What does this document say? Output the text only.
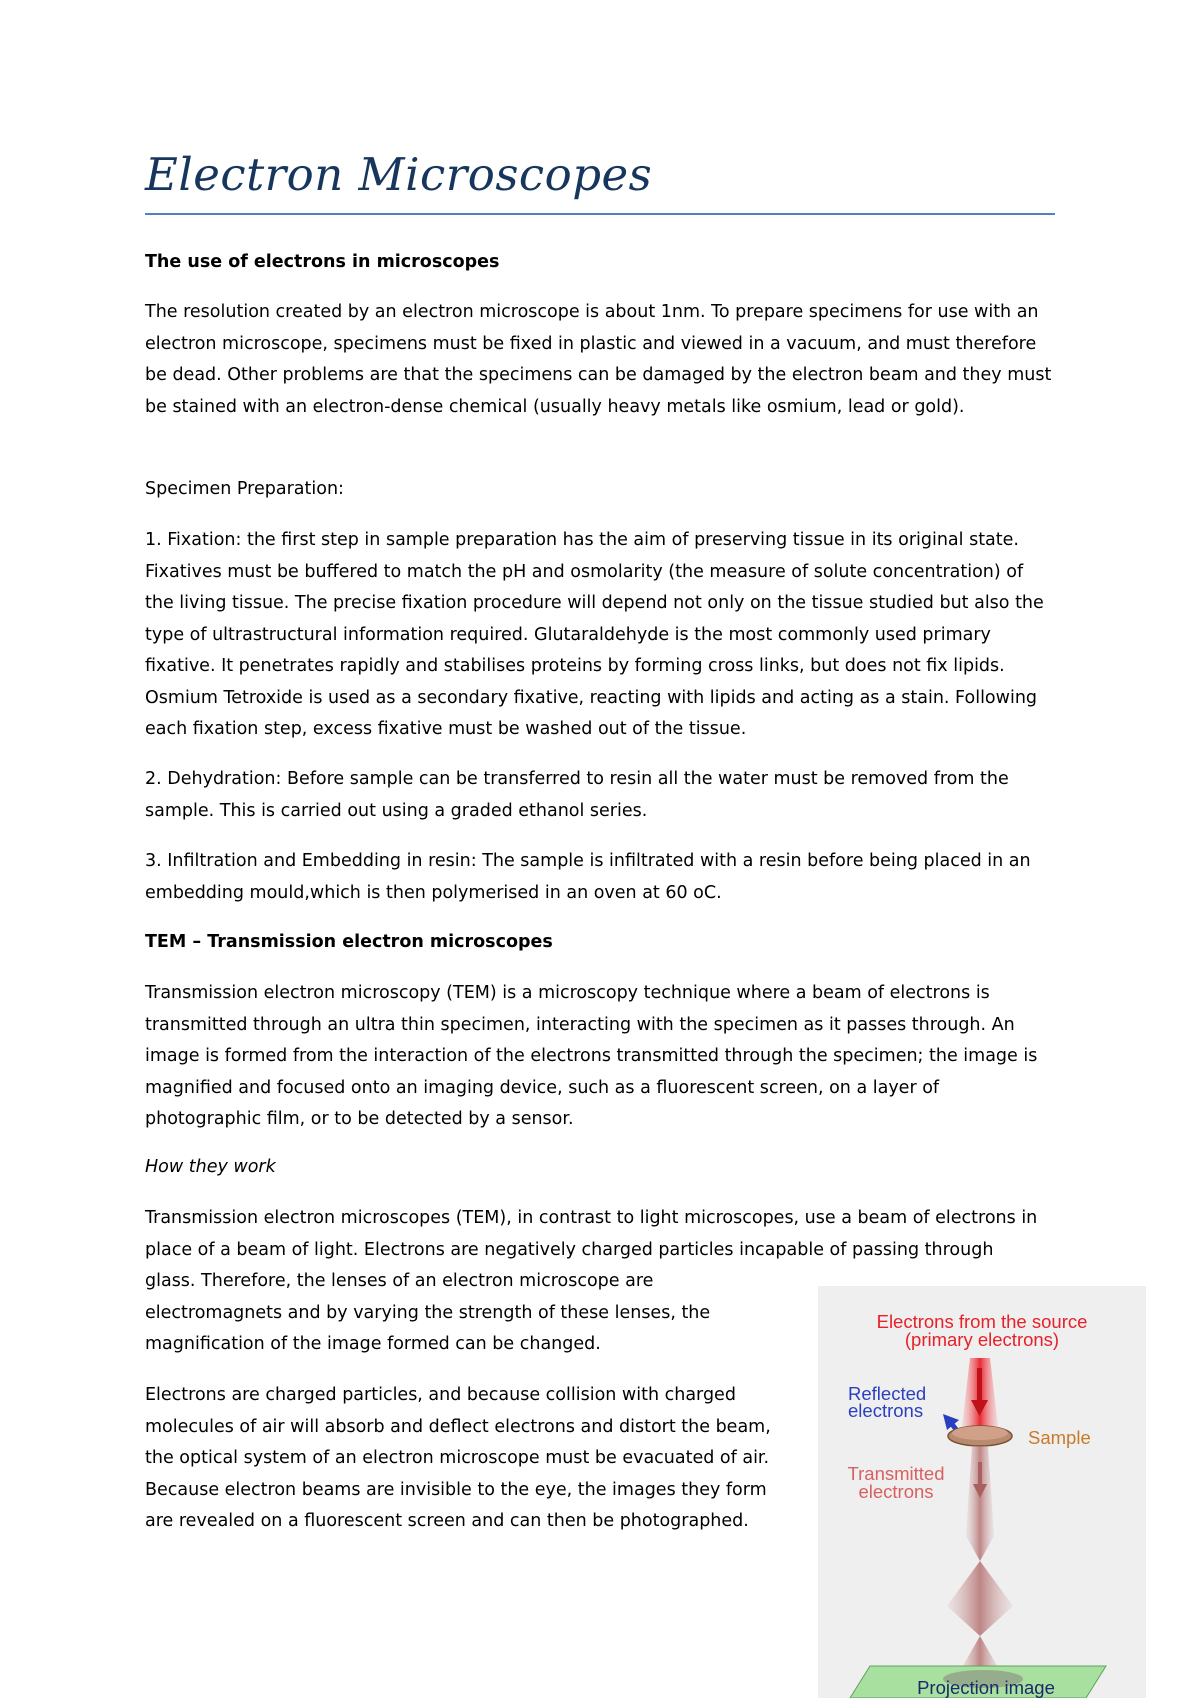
Electron Microscopes

The use of electrons in microscopes

The resolution created by an electron microscope is about 1nm. To prepare specimens for use with an electron microscope, specimens must be fixed in plastic and viewed in a vacuum, and must therefore be dead. Other problems are that the specimens can be damaged by the electron beam and they must be stained with an electron-dense chemical (usually heavy metals like osmium, lead or gold).

Specimen Preparation:

1. Fixation: the first step in sample preparation has the aim of preserving tissue in its original state. Fixatives must be buffered to match the pH and osmolarity (the measure of solute concentration) of the living tissue. The precise fixation procedure will depend not only on the tissue studied but also the type of ultrastructural information required. Glutaraldehyde is the most commonly used primary fixative. It penetrates rapidly and stabilises proteins by forming cross links, but does not fix lipids. Osmium Tetroxide is used as a secondary fixative, reacting with lipids and acting as a stain. Following each fixation step, excess fixative must be washed out of the tissue.

2. Dehydration: Before sample can be transferred to resin all the water must be removed from the sample. This is carried out using a graded ethanol series.

3. Infiltration and Embedding in resin: The sample is infiltrated with a resin before being placed in an embedding mould,which is then polymerised in an oven at 60 oC.

TEM – Transmission electron microscopes

Transmission electron microscopy (TEM) is a microscopy technique where a beam of electrons is transmitted through an ultra thin specimen, interacting with the specimen as it passes through. An image is formed from the interaction of the electrons transmitted through the specimen; the image is magnified and focused onto an imaging device, such as a fluorescent screen, on a layer of photographic film, or to be detected by a sensor.

How they work

Transmission electron microscopes (TEM), in contrast to light microscopes, use a beam of electrons in place of a beam of light. Electrons are negatively charged particles incapable of passing through

glass. Therefore, the lenses of an electron microscope are electromagnets and by varying the strength of these lenses, the magnification of the image formed can be changed.

Electrons are charged particles, and because collision with charged molecules of air will absorb and deflect electrons and distort the beam, the optical system of an electron microscope must be evacuated of air. Because electron beams are invisible to the eye, the images they form are revealed on a fluorescent screen and can then be photographed.

Electrons from the source
(primary electrons)
Reflected
electrons
Sample
Transmitted
electrons
Projection image
